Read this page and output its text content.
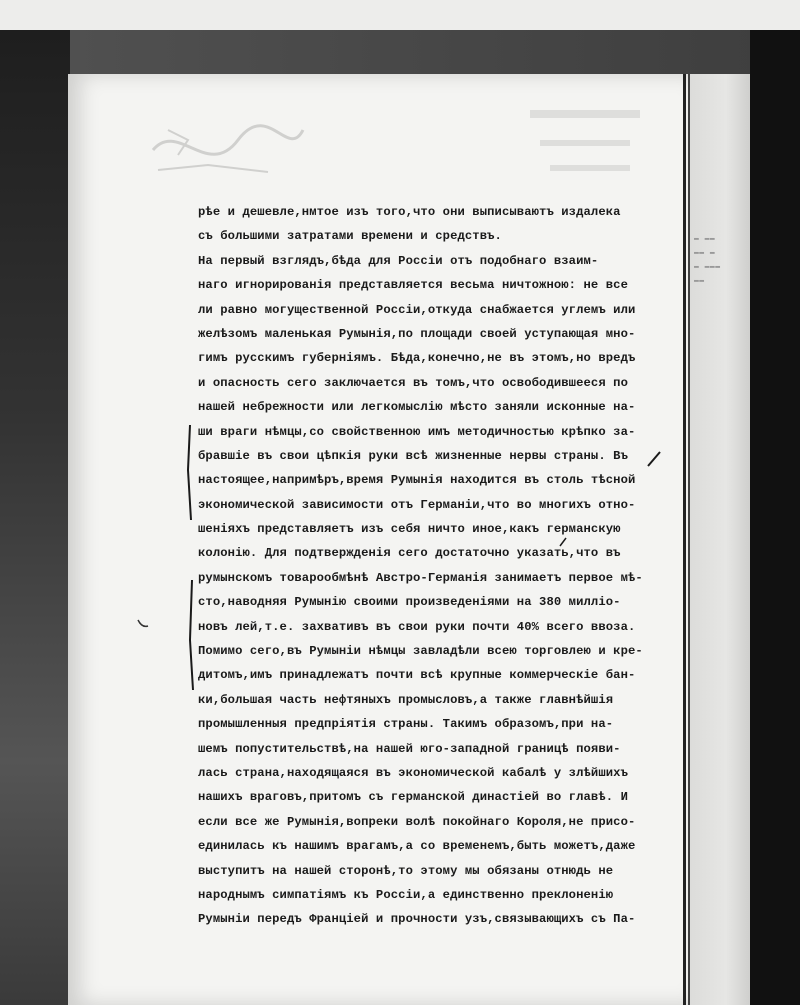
▬ ▬▬
▬▬ ▬
▬ ▬▬▬
▬▬
рѣе и дешевле,нмтое изъ того,что они выписываютъ издалека
съ большими затратами времени и средствъ.
На первый взглядъ,бѣда для Россiи отъ подобнаго взаим-
наго игнорированiя представляется весьма ничтожною: не все
ли равно могущественной Россiи,откуда снабжается углемъ или
желѣзомъ маленькая Румынiя,по площади своей уступающая мно-
гимъ русскимъ губернiямъ. Бѣда,конечно,не въ этомъ,но вредъ
и опасность сего заключается въ томъ,что освободившееся по
нашей небрежности или легкомыслiю мѣсто заняли исконные на-
ши враги нѣмцы,со свойственною имъ методичностью крѣпко за-
бравшiе въ свои цѣпкiя руки всѣ жизненные нервы страны. Въ
настоящее,напримѣръ,время Румынiя находится въ столь тѣсной
экономической зависимости отъ Германiи,что во многихъ отно-
шенiяхъ представляетъ изъ себя ничто иное,какъ германскую
колонiю. Для подтвержденiя сего достаточно указать,что въ
румынскомъ товарообмѣнѣ Австро-Германiя занимаетъ первое мѣ-
сто,наводняя Румынiю своими произведенiями на 380 миллiо-
новъ лей,т.е. захвативъ въ свои руки почти 40% всего ввоза.
Помимо сего,въ Румынiи нѣмцы завладѣли всею торговлею и кре-
дитомъ,имъ принадлежатъ почти всѣ крупные коммерческiе бан-
ки,большая часть нефтяныхъ промысловъ,а также главнѣйшiя
промышленныя предпрiятiя страны. Такимъ образомъ,при на-
шемъ попустительствѣ,на нашей юго-западной границѣ появи-
лась страна,находящаяся въ экономической кабалѣ у злѣйшихъ
нашихъ враговъ,притомъ съ германской династiей во главѣ. И
если все же Румынiя,вопреки волѣ покойнаго Короля,не присо-
единилась къ нашимъ врагамъ,а со временемъ,быть можетъ,даже
выступитъ на нашей сторонѣ,то этому мы обязаны отнюдь не
народнымъ симпатiямъ къ Россiи,а единственно преклоненiю
Румынiи передъ Францiей и прочности узъ,связывающихъ съ Па-
